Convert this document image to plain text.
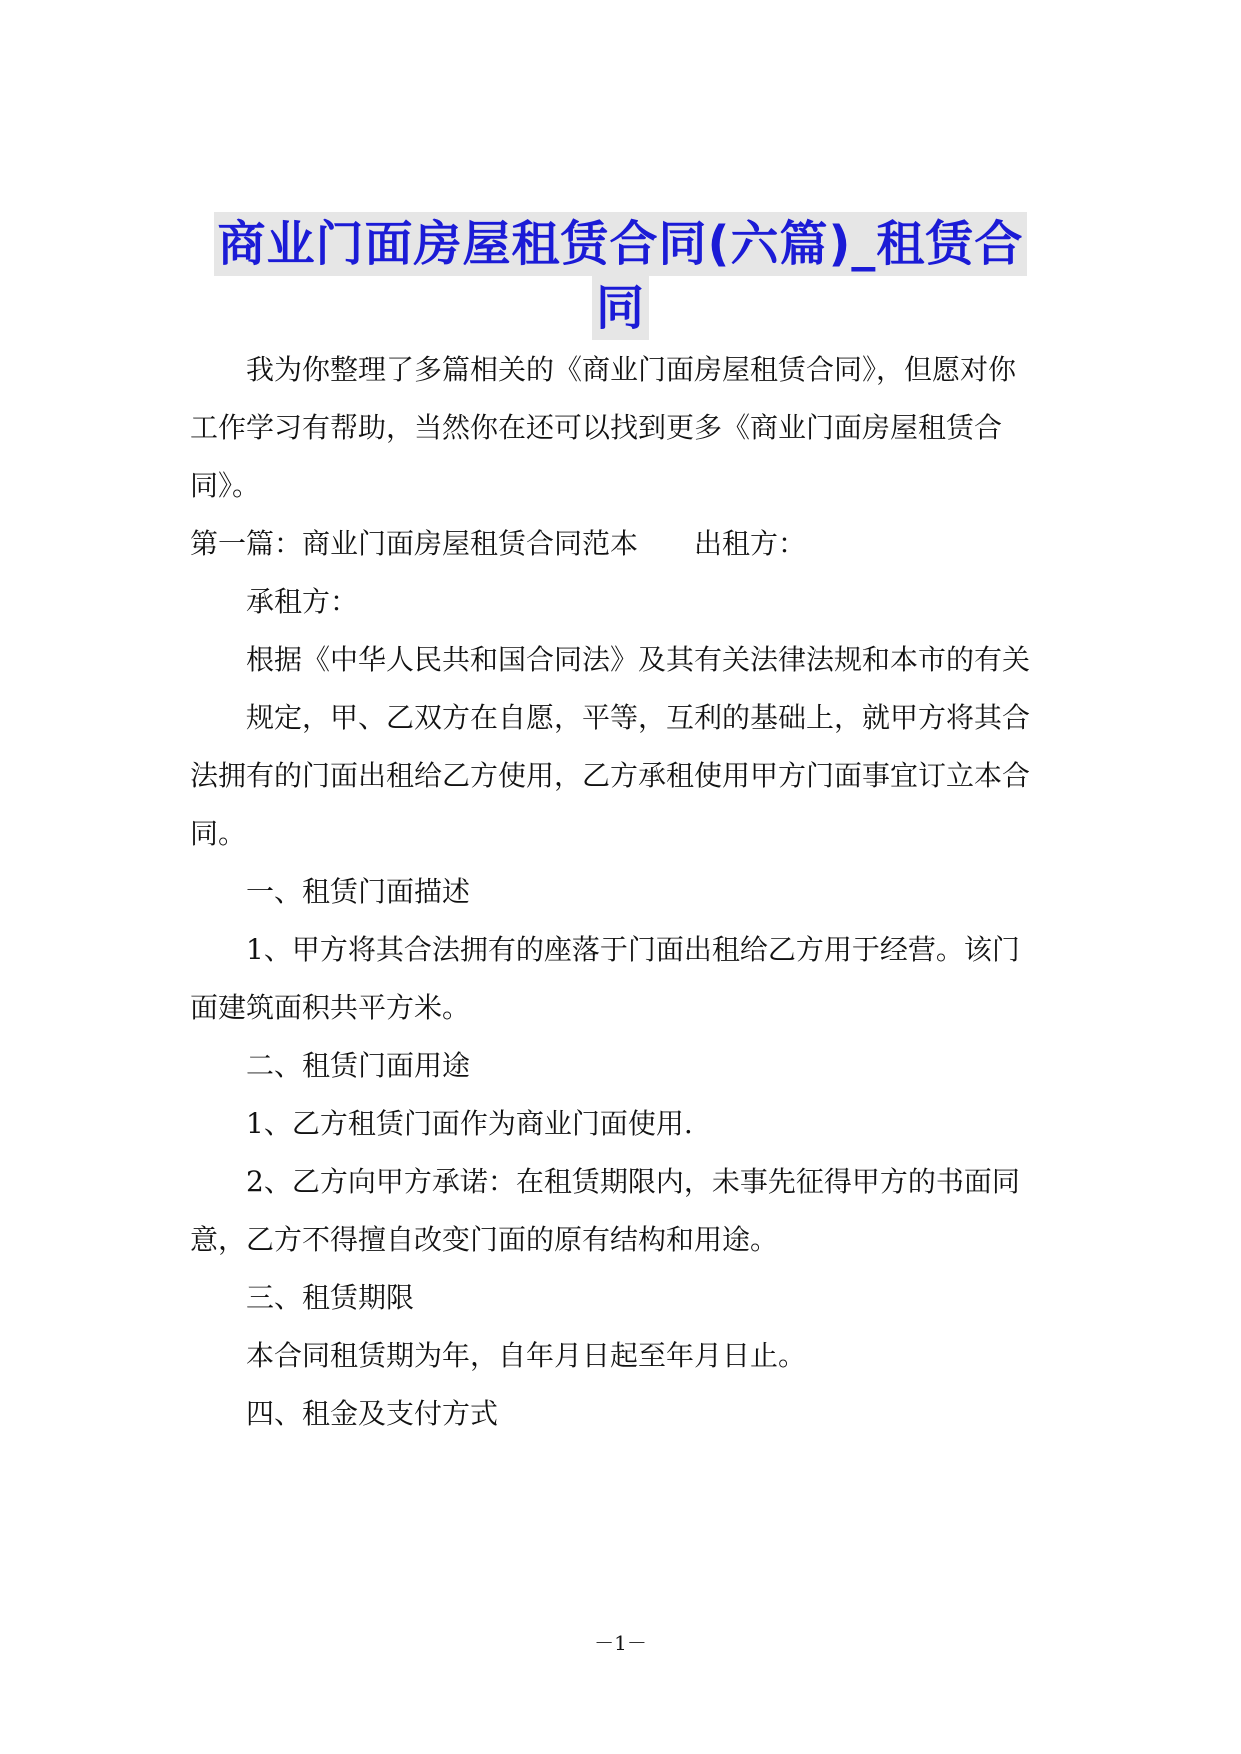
商业门面房屋租赁合同(六篇)_租赁合
同
我为你整理了多篇相关的《商业门面房屋租赁合同》，但愿对你
工作学习有帮助，当然你在还可以找到更多《商业门面房屋租赁合
同》。
第一篇：商业门面房屋租赁合同范本 出租方：
承租方：
根据《中华人民共和国合同法》及其有关法律法规和本市的有关
规定，甲、乙双方在自愿，平等，互利的基础上，就甲方将其合
法拥有的门面出租给乙方使用，乙方承租使用甲方门面事宜订立本合
同。
一、租赁门面描述
1、甲方将其合法拥有的座落于门面出租给乙方用于经营。该门
面建筑面积共平方米。
二、租赁门面用途
1、乙方租赁门面作为商业门面使用.
2、乙方向甲方承诺：在租赁期限内，未事先征得甲方的书面同
意，乙方不得擅自改变门面的原有结构和用途。
三、租赁期限
本合同租赁期为年，自年月日起至年月日止。
四、租金及支付方式
－1－
